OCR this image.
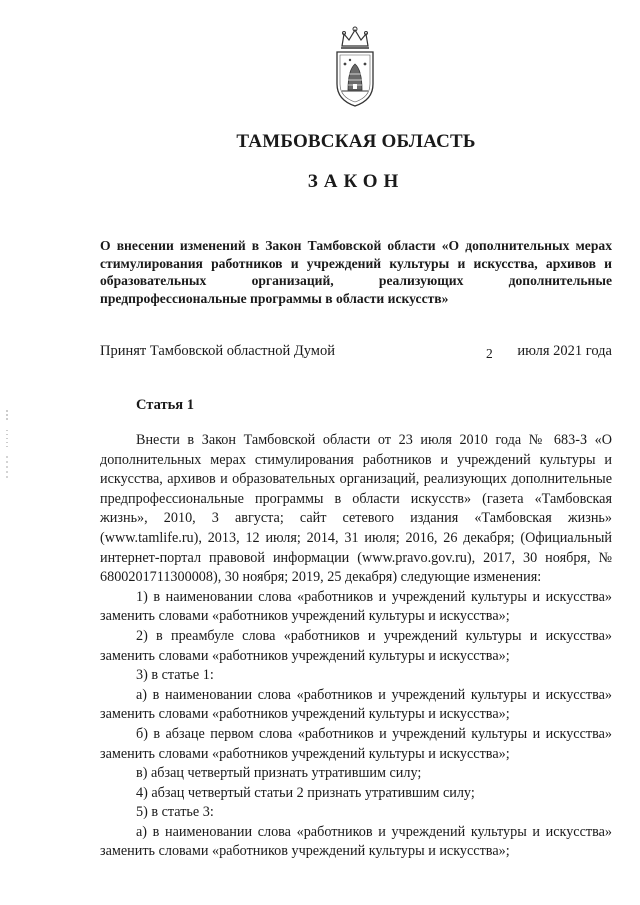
ТАМБОВСКАЯ ОБЛАСТЬ
ЗАКОН
О внесении изменений в Закон Тамбовской области «О дополнительных мерах стимулирования работников и учреждений культуры и искусства, архивов и образовательных организаций, реализующих дополнительные предпрофессиональные программы в области искусств»
Принят Тамбовской областной Думой	2 июля 2021 года
Статья 1

Внести в Закон Тамбовской области от 23 июля 2010 года № 683-З «О дополнительных мерах стимулирования работников и учреждений культуры и искусства, архивов и образовательных организаций, реализующих дополнительные предпрофессиональные программы в области искусств» (газета «Тамбовская жизнь», 2010, 3 августа; сайт сетевого издания «Тамбовская жизнь» (www.tamlife.ru), 2013, 12 июля; 2014, 31 июля; 2016, 26 декабря; (Официальный интернет-портал правовой информации (www.pravo.gov.ru), 2017, 30 ноября, № 6800201711300008), 30 ноября; 2019, 25 декабря) следующие изменения:

1) в наименовании слова «работников и учреждений культуры и искусства» заменить словами «работников учреждений культуры и искусства»;

2) в преамбуле слова «работников и учреждений культуры и искусства» заменить словами «работников учреждений культуры и искусства»;

3) в статье 1:

а) в наименовании слова «работников и учреждений культуры и искусства» заменить словами «работников учреждений культуры и искусства»;

б) в абзаце первом слова «работников и учреждений культуры и искусства» заменить словами «работников учреждений культуры и искусства»;

в) абзац четвертый признать утратившим силу;

4) абзац четвертый статьи 2 признать утратившим силу;

5) в статье 3:

а) в наименовании слова «работников и учреждений культуры и искусства» заменить словами «работников учреждений культуры и искусства»;
